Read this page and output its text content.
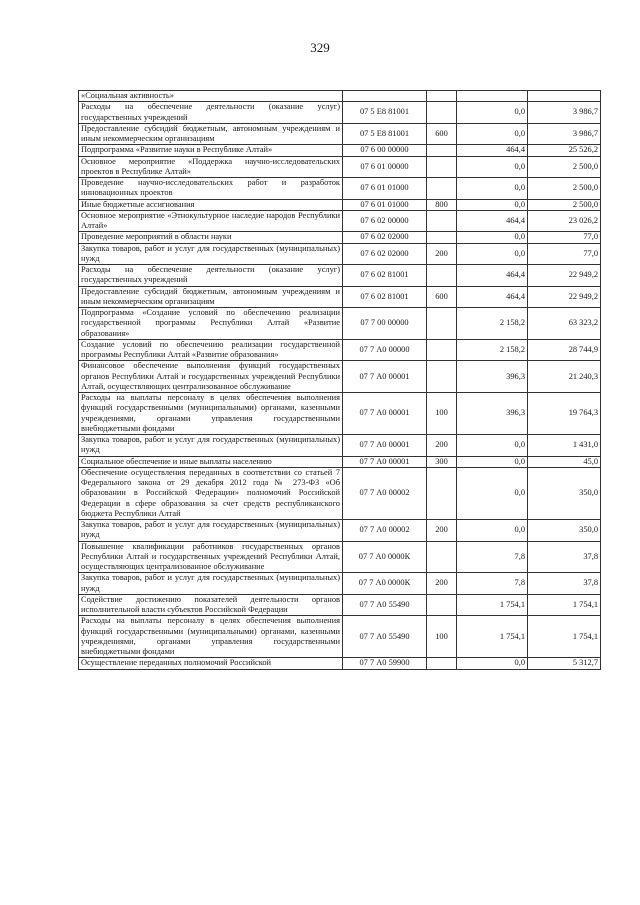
329
«Социальная активность»				
Расходы на обеспечение деятельности (оказание услуг) государственных учреждений	07 5 E8 81001		0,0	3 986,7
Предоставление субсидий бюджетным, автономным учреждениям и иным некоммерческим организациям	07 5 E8 81001	600	0,0	3 986,7
Подпрограмма «Развитие науки в Республике Алтай»	07 6 00 00000		464,4	25 526,2
Основное мероприятие «Поддержка научно-исследовательских проектов в Республике Алтай»	07 6 01 00000		0,0	2 500,0
Проведение научно-исследовательских работ и разработок инновационных проектов	07 6 01 01000		0,0	2 500,0
Иные бюджетные ассигнования	07 6 01 01000	800	0,0	2 500,0
Основное мероприятие «Этнокультурное наследие народов Республики Алтай»	07 6 02 00000		464,4	23 026,2
Проведение мероприятий в области науки	07 6 02 02000		0,0	77,0
Закупка товаров, работ и услуг для государственных (муниципальных) нужд	07 6 02 02000	200	0,0	77,0
Расходы на обеспечение деятельности (оказание услуг) государственных учреждений	07 6 02 81001		464,4	22 949,2
Предоставление субсидий бюджетным, автономным учреждениям и иным некоммерческим организациям	07 6 02 81001	600	464,4	22 949,2
Подпрограмма «Создание условий по обеспечению реализации государственной программы Республики Алтай «Развитие образования»	07 7 00 00000		2 158,2	63 323,2
Создание условий по обеспечению реализации государственной программы Республики Алтай «Развитие образования»	07 7 А0 00000		2 158,2	28 744,9
Финансовое обеспечение выполнения функций государственных органов Республики Алтай и государственных учреждений Республики Алтай, осуществляющих централизованное обслуживание	07 7 А0 00001		396,3	21 240,3
Расходы на выплаты персоналу в целях обеспечения выполнения функций государственными (муниципальными) органами, казенными учреждениями, органами управления государственными внебюджетными фондами	07 7 А0 00001	100	396,3	19 764,3
Закупка товаров, работ и услуг для государственных (муниципальных) нужд	07 7 А0 00001	200	0,0	1 431,0
Социальное обеспечение и иные выплаты населению	07 7 А0 00001	300	0,0	45,0
Обеспечение осуществления переданных в соответствии со статьей 7 Федерального закона от 29 декабря 2012 года № 273-ФЗ «Об образовании в Российской Федерации» полномочий Российской Федерации в сфере образования за счет средств республиканского бюджета Республики Алтай	07 7 А0 00002		0,0	350,0
Закупка товаров, работ и услуг для государственных (муниципальных) нужд	07 7 А0 00002	200	0,0	350,0
Повышение квалификации работников государственных органов Республики Алтай и государственных учреждений Республики Алтай, осуществляющих централизованное обслуживание	07 7 А0 0000К		7,8	37,8
Закупка товаров, работ и услуг для государственных (муниципальных) нужд	07 7 А0 0000К	200	7,8	37,8
Содействие достижению показателей деятельности органов исполнительной власти субъектов Российской Федерации	07 7 А0 55490		1 754,1	1 754,1
Расходы на выплаты персоналу в целях обеспечения выполнения функций государственными (муниципальными) органами, казенными учреждениями, органами управления государственными внебюджетными фондами	07 7 А0 55490	100	1 754,1	1 754,1
Осуществление переданных полномочий Российской	07 7 А0 59900		0,0	5 312,7
